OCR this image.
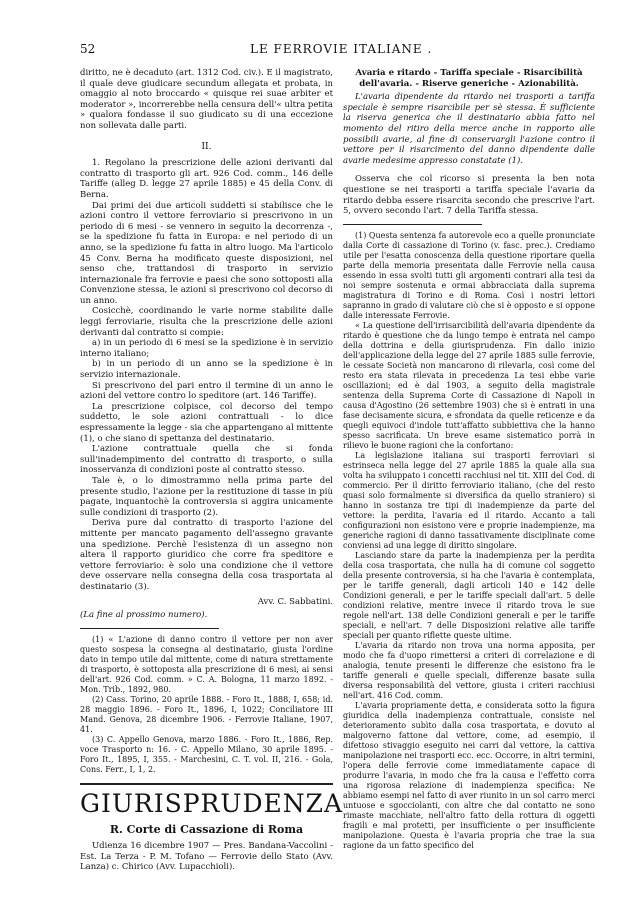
52	LE FERROVIE ITALIANE .

diritto, ne è decaduto (art. 1312 Cod. civ.). E il magistrato, il quale deve giudicare secundum allegata et probata, in omaggio al noto broccardo « quisque rei suae arbiter et moderator », incorrerebbe nella censura dell'« ultra petita » qualora fondasse il suo giudicato su di una eccezione non sollevata dalle parti.

II.

1. Regolano la prescrizione delle azioni derivanti dal contratto di trasporto gli art. 926 Cod. comm., 146 delle Tariffe (alleg D. legge 27 aprile 1885) e 45 della Conv. di Berna.

Dai primi dei due articoli suddetti si stabilisce che le azioni contro il vettore ferroviario si prescrivono in un periodo di 6 mesi - se vennero in seguito la decorrenza -, se la spedizione fu fatta in Europa: e nel periodo di un anno, se la spedizione fu fatta in altro luogo. Ma l'articolo 45 Conv. Berna ha modificato queste disposizioni, nel senso che, trattandosi di trasporto in servizio internazionale fra ferrovie e paesi che sono sottoposti alla Convenzione stessa, le azioni si prescrivono col decorso di un anno.

Cosicchè, coordinando le varie norme stabilite dalle leggi ferroviarie, risulta che la prescrizione delle azioni derivanti dal contratto si compie:

a) in un periodo di 6 mesi se la spedizione è in servizio interno italiano;

b) in un periodo di un anno se la spedizione è in servizio internazionale.

Si prescrivono del pari entro il termine di un anno le azioni del vettore contro lo speditore (art. 146 Tariffe).

La prescrizione colpisce, col decorso del tempo suddetto, le sole azioni contrattuali - lo dice espressamente la legge - sia che appartengano al mittente (1), o che siano di spettanza del destinatario.

L'azione contrattuale quella che si fonda sull'inadempimento del contratto di trasporto, o sulla inosservanza di condizioni poste al contratto stesso.

Tale è, o lo dimostrammo nella prima parte del presente studio, l'azione per la restituzione di tasse in più pagate, inquantochè la controversia si aggira unicamente sulle condizioni di trasporto (2).

Deriva pure dal contratto di trasporto l'azione del mittente per mancato pagamento dell'assegno gravante una spedizione. Perchè l'esistenza di un assegno non altera il rapporto giuridico che corre fra speditore e vettore ferroviario: è solo una condizione che il vettore deve osservare nella consegna della cosa trasportata al destinatario (3).

Avv. C. Sabbatini.

(La fine al prossimo numero).

(1) « L'azione di danno contro il vettore per non aver questo sospesa la consegna al destinatario, giusta l'ordine dato in tempo utile dal mittente, come di natura strettamente di trasporto, è sottoposta alla prescrizione di 6 mesi, ai sensi dell'art. 926 Cod. comm. » C. A. Bologna, 11 marzo 1892. - Mon. Trib., 1892, 980.

(2) Cass. Torino, 20 aprile 1888. - Foro It., 1888, I, 658; id. 28 maggio 1896. - Foro It., 1896, I, 1022; Conciliatore III Mand. Genova, 28 dicembre 1906. - Ferrovie Italiane, 1907, 41.

(3) C. Appello Genova, marzo 1886. - Foro It., 1886, Rep. voce Trasporto n: 16. - C. Appello Milano, 30 aprile 1895. - Foro It., 1895, I, 355. - Marchesini, C. T. vol. II, 216. - Gola, Cons. Ferr., I, 1, 2.

GIURISPRUDENZA
R. Corte di Cassazione di Roma

Udienza 16 dicembre 1907 — Pres. Bandana-Vaccolini - Est. La Terza - P. M. Tofano — Ferrovie dello Stato (Avv. Lanza) c. Chirico (Avv. Lupacchioli).

Avaria e ritardo - Tariffa speciale - Risarcibilità dell'avaria. - Riserve generiche - Azionabilità.

L'avaria dipendente da ritardo nei trasporti a tariffa speciale è sempre risarcibile per sè stessa. È sufficiente la riserva generica che il destinatario abbia fatto nel momento del ritiro della merce anche in rapporto alle possibili avarie, al fine di conservargli l'azione contro il vettore per il risarcimento del danno dipendente dalle avarie medesime appresso constatate (1).

Osserva che col ricorso si presenta la ben nota questione se nei trasporti a tariffa speciale l'avaria da ritardo debba essere risarcita secondo che prescrive l'art. 5, ovvero secondo l'art. 7 della Tariffa stessa.

(1) Questa sentenza fa autorevole eco a quelle pronunciate dalla Corte di cassazione di Torino (v. fasc. prec.). Crediamo utile per l'esatta conoscenza della questione riportare quella parte della memoria presentata dalle Ferrovie nella causa essendo in essa svolti tutti gli argomenti contrari alla tesi da noi sempre sostenuta e ormai abbracciata dalla suprema magistratura di Torino e di Roma. Così i nostri lettori sapranno in grado di valutare ciò che si è opposto e si oppone dalle interessate Ferrovie.

« La questione dell'irrisarcibilità dell'avaria dipendente da ritardo è questione che da lungo tempo è entrata nel campo della dottrina e della giurisprudenza. Fin dallo inizio dell'applicazione della legge del 27 aprile 1885 sulle ferrovie, le cessate Società non mancarono di rilevarla, così come del resto era stata rilevata in precedenza La tesi ebbe varie oscillazioni; ed è dal 1903, a seguito della magistrale sentenza della Suprema Corte di Cassazione di Napoli in causa d'Agostino (26 settembre 1903) che si è entrati in una fase decisamente sicura, e sfrondata da quelle reticenze e da quegli equivoci d'indole tutt'affatto subbiettiva che la hanno spesso sacrificata. Un breve esame sistematico porrà in rilievo le buone ragioni che la confortano:

La legislazione italiana sui trasporti ferroviari si estrinseca nella legge del 27 aprile 1885 la quale alla sua volta ha sviluppato i concetti racchiusi nel tit. XIII del Cod. di commercio. Per il diritto ferroviario italiano, (che del resto quasi solo formalmente si diversifica da quello straniero) si hanno in sostanza tre tipi di inadempienze da parte del vettore: la perdita, l'avaria ed il ritardo. Accanto a tali configurazioni non esistono vere e proprie inadempienze, ma generiche ragioni di danno tassativamente disciplinate come conviensi ad una legge di diritto singolare.

Lasciando stare da parte la inadempienza per la perdita della cosa trasportata, che nulla ha di comune col soggetto della presente controversia, si ha che l'avaria è contemplata, per le tariffe generali, dagli articoli 140 e 142 delle Condizioni generali, e per le tariffe speciali dall'art. 5 delle condizioni relative, mentre invece il ritardo trova le sue regole nell'art. 138 delle Condizioni generali e per le tariffe speciali, e nell'art. 7 delle Disposizioni relative alle tariffe speciali per quanto riflette queste ultime.

L'avaria da ritardo non trova una norma apposita, per modo che fa d'uopo rimettersi a criteri di correlazione e di analogia, tenute presenti le differenze che esistono fra le tariffe generali e quelle speciali, differenze basate sulla diversa responsabilità del vettore, giusta i criteri racchiusi nell'art. 416 Cod. comm.

L'avaria propriamente detta, e considerata sotto la figura giuridica della inadempienza contrattuale, consiste nel deterioramento subìto dalla cosa trasportata, e dovuto al malgoverno fattone dal vettore, come, ad esempio, il difettoso stivaggio eseguito nei carri dal vettore, la cattiva manipolazione nei trasporti ecc. ecc. Occorre, in altri termini, l'opera delle ferrovie come immediatamente capace di produrre l'avaria, in modo che fra la causa e l'effetto corra una rigorosa relazione di inadempienza specifica: Ne abbiamo esempi nel fatto di aver riunito in un sol carro merci untuose e sgocciolanti, con altre che dal contatto ne sono rimaste macchiate, nell'altro fatto della rottura di oggetti fragili e mal protetti, per insufficiente o per insufficiente manipolazione. Questa è l'avaria propria che trae la sua ragione da un fatto specifico del
